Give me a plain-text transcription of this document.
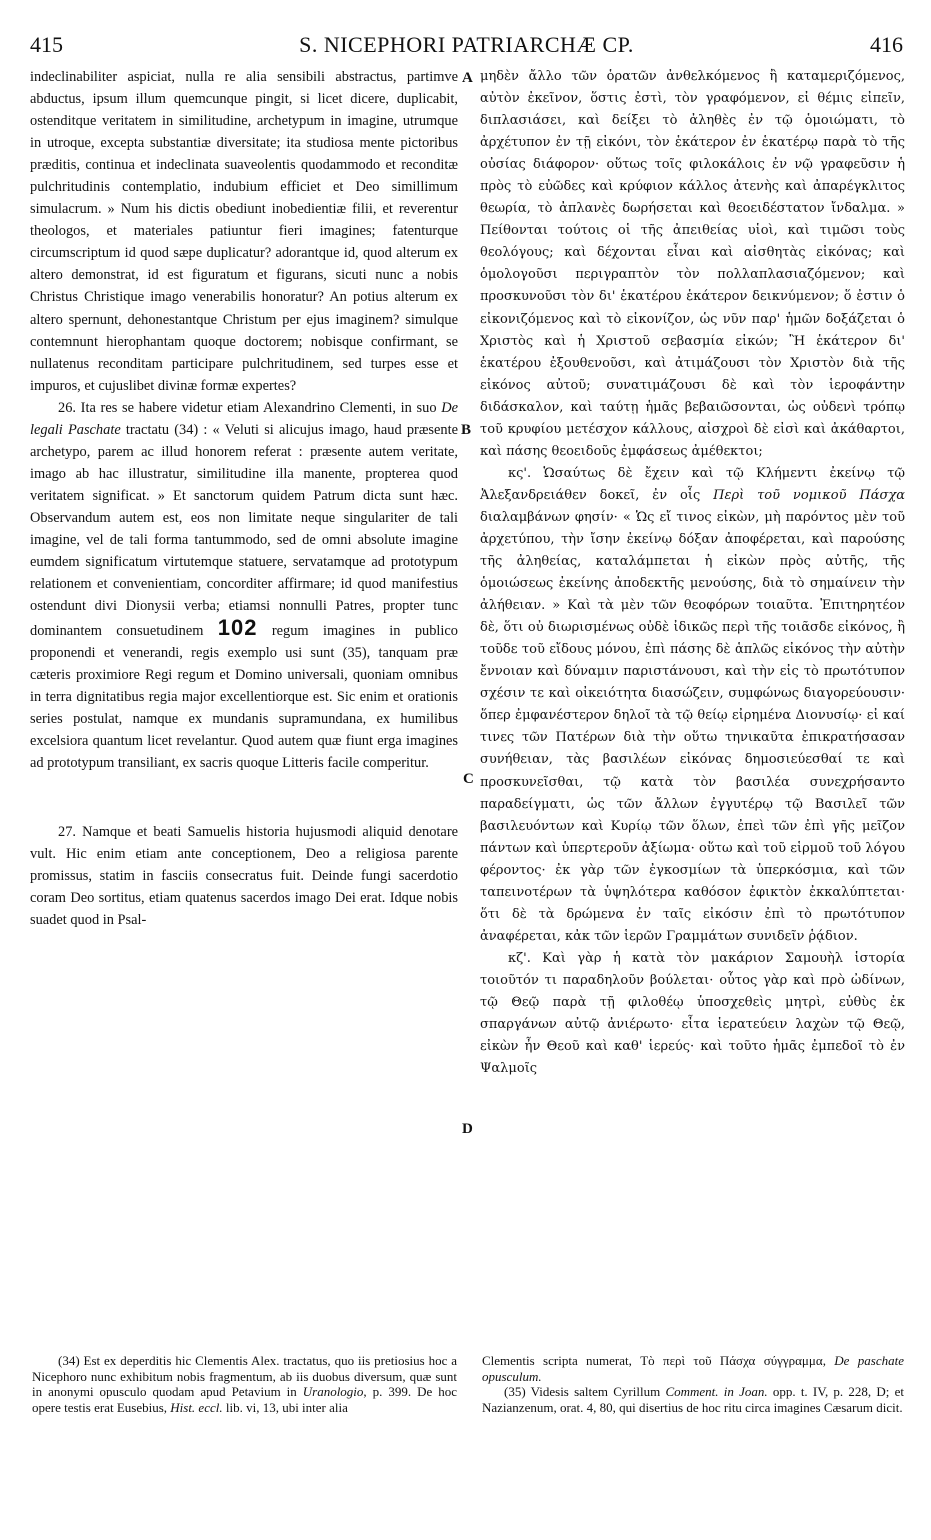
415	S. NICEPHORI PATRIARCHÆ CP.	416
A
B
C
D

indeclinabiliter aspiciat, nulla re alia sensibili abstractus, partimve abductus, ipsum illum quemcunque pingit, si licet dicere, duplicabit, ostenditque veritatem in similitudine, archetypum in imagine, utrumque in utroque, excepta substantiæ diversitate; ita studiosa mente pictoribus præditis, continua et indeclinata suaveolentis quodammodo et reconditæ pulchritudinis contemplatio, indubium efficiet et Deo simillimum simulacrum. » Num his dictis obediunt inobedientiæ filii, et reverentur theologos, et materiales patiuntur fieri imagines; fatenturque circumscriptum id quod sæpe duplicatur? adorantque id, quod alterum ex altero demonstrat, id est figuratum et figurans, sicuti nunc a nobis Christus Christique imago venerabilis honoratur? An potius alterum ex altero spernunt, dehonestantque Christum per ejus imaginem? simulque contemnunt hierophantam quoque doctorem; nobisque confirmant, se nullatenus reconditam participare pulchritudinem, sed turpes esse et impuros, et cujuslibet divinæ formæ expertes?

26. Ita res se habere videtur etiam Alexandrino Clementi, in suo De legali Paschate tractatu (34) : « Veluti si alicujus imago, haud præsente archetypo, parem ac illud honorem referat : præsente autem veritate, imago ab hac illustratur, similitudine illa manente, propterea quod veritatem significat. » Et sanctorum quidem Patrum dicta sunt hæc. Observandum autem est, eos non limitate neque singulariter de tali imagine, vel de tali forma tantummodo, sed de omni absolute imagine eumdem significatum virtutemque statuere, servatamque ad prototypum relationem et convenientiam, concorditer affirmare; id quod manifestius ostendunt divi Dionysii verba; etiamsi nonnulli Patres, propter tunc dominantem consuetudinem 102 regum imagines in publico proponendi et venerandi, regis exemplo usi sunt (35), tanquam præ cæteris proximiore Regi regum et Domino universali, quoniam omnibus in terra dignitatibus regia major excellentiorque est. Sic enim et orationis series postulat, namque ex mundanis supramundana, ex humilibus excelsiora quantum licet revelantur. Quod autem quæ fiunt erga imagines ad prototypum transiliant, ex sacris quoque Litteris facile comperitur.

27. Namque et beati Samuelis historia hujusmodi aliquid denotare vult. Hic enim etiam ante conceptionem, Deo a religiosa parente promissus, statim in fasciis consecratus fuit. Deinde fungi sacerdotio coram Deo sortitus, etiam quatenus sacerdos imago Dei erat. Idque nobis suadet quod in Psal-

μηδὲν ἄλλο τῶν ὁρατῶν ἀνθελκόμενος ἢ καταμεριζόμενος, αὐτὸν ἐκεῖνον, ὅστις ἐστὶ, τὸν γραφόμενον, εἰ θέμις εἰπεῖν, διπλασιάσει, καὶ δείξει τὸ ἀληθὲς ἐν τῷ ὁμοιώματι, τὸ ἀρχέτυπον ἐν τῇ εἰκόνι, τὸν ἑκάτερον ἐν ἑκατέρῳ παρὰ τὸ τῆς οὐσίας διάφορον· οὕτως τοῖς φιλοκάλοις ἐν νῷ γραφεῦσιν ἡ πρὸς τὸ εὐῶδες καὶ κρύφιον κάλλος ἀτενὴς καὶ ἀπαρέγκλιτος θεωρία, τὸ ἀπλανὲς δωρήσεται καὶ θεοειδέστατον ἴνδαλμα. » Πείθονται τούτοις οἱ τῆς ἀπειθείας υἱοὶ, καὶ τιμῶσι τοὺς θεολόγους; καὶ δέχονται εἶναι καὶ αἰσθητὰς εἰκόνας; καὶ ὁμολογοῦσι περιγραπτὸν τὸν πολλαπλασιαζόμενον; καὶ προσκυνοῦσι τὸν δι' ἑκατέρου ἑκάτερον δεικνύμενον; ὅ ἐστιν ὁ εἰκονιζόμενος καὶ τὸ εἰκονίζον, ὡς νῦν παρ' ἡμῶν δοξάζεται ὁ Χριστὸς καὶ ἡ Χριστοῦ σεβασμία εἰκών; Ἢ ἑκάτερον δι' ἑκατέρου ἐξουθενοῦσι, καὶ ἀτιμάζουσι τὸν Χριστὸν διὰ τῆς εἰκόνος αὐτοῦ; συνατιμάζουσι δὲ καὶ τὸν ἱεροφάντην διδάσκαλον, καὶ ταύτῃ ἡμᾶς βεβαιῶσονται, ὡς οὐδενὶ τρόπῳ τοῦ κρυφίου μετέσχον κάλλους, αἰσχροὶ δὲ εἰσὶ καὶ ἀκάθαρτοι, καὶ πάσης θεοειδοῦς ἐμφάσεως ἀμέθεκτοι;

κς'. Ὡσαύτως δὲ ἔχειν καὶ τῷ Κλήμεντι ἐκείνῳ τῷ Ἀλεξανδρειάθεν δοκεῖ, ἐν οἷς Περὶ τοῦ νομικοῦ Πάσχα διαλαμβάνων φησίν· « Ὡς εἴ τινος εἰκὼν, μὴ παρόντος μὲν τοῦ ἀρχετύπου, τὴν ἴσην ἐκείνῳ δόξαν ἀποφέρεται, καὶ παρούσης τῆς ἀληθείας, καταλάμπεται ἡ εἰκὼν πρὸς αὐτῆς, τῆς ὁμοιώσεως ἐκείνης ἀποδεκτῆς μενούσης, διὰ τὸ σημαίνειν τὴν ἀλήθειαν. » Καὶ τὰ μὲν τῶν θεοφόρων τοιαῦτα. Ἐπιτηρητέον δὲ, ὅτι οὐ διωρισμένως οὐδὲ ἰδικῶς περὶ τῆς τοιᾶσδε εἰκόνος, ἢ τοῦδε τοῦ εἴδους μόνου, ἐπὶ πάσης δὲ ἁπλῶς εἰκόνος τὴν αὐτὴν ἔννοιαν καὶ δύναμιν παριστάνουσι, καὶ τὴν εἰς τὸ πρωτότυπον σχέσιν τε καὶ οἰκειότητα διασώζειν, συμφώνως διαγορεύουσιν· ὅπερ ἐμφανέστερον δηλοῖ τὰ τῷ θείῳ εἰρημένα Διονυσίῳ· εἰ καί τινες τῶν Πατέρων διὰ τὴν οὕτω τηνικαῦτα ἐπικρατήσασαν συνήθειαν, τὰς βασιλέων εἰκόνας δημοσιεύεσθαί τε καὶ προσκυνεῖσθαι, τῷ κατὰ τὸν βασιλέα συνεχρήσαντο παραδείγματι, ὡς τῶν ἄλλων ἐγγυτέρῳ τῷ Βασιλεῖ τῶν βασιλευόντων καὶ Κυρίῳ τῶν ὅλων, ἐπεὶ τῶν ἐπὶ γῆς μεῖζον πάντων καὶ ὑπερτεροῦν ἀξίωμα· οὕτω καὶ τοῦ εἱρμοῦ τοῦ λόγου φέροντος· ἐκ γὰρ τῶν ἐγκοσμίων τὰ ὑπερκόσμια, καὶ τῶν ταπεινοτέρων τὰ ὑψηλότερα καθόσον ἐφικτὸν ἐκκαλύπτεται· ὅτι δὲ τὰ δρώμενα ἐν ταῖς εἰκόσιν ἐπὶ τὸ πρωτότυπον ἀναφέρεται, κἀκ τῶν ἱερῶν Γραμμάτων συνιδεῖν ῥᾴδιον.

κζ'. Καὶ γὰρ ἡ κατὰ τὸν μακάριον Σαμουὴλ ἱστορία τοιοῦτόν τι παραδηλοῦν βούλεται· οὗτος γὰρ καὶ πρὸ ὠδίνων, τῷ Θεῷ παρὰ τῇ φιλοθέῳ ὑποσχεθεὶς μητρὶ, εὐθὺς ἐκ σπαργάνων αὐτῷ ἀνιέρωτο· εἶτα ἱερατεύειν λαχὼν τῷ Θεῷ, εἰκὼν ἦν Θεοῦ καὶ καθ' ἱερεύς· καὶ τοῦτο ἡμᾶς ἐμπεδοῖ τὸ ἐν Ψαλμοῖς

(34) Est ex deperditis hic Clementis Alex. tractatus, quo iis pretiosius hoc a Nicephoro nunc exhibitum nobis fragmentum, ab iis duobus diversum, quæ sunt in anonymi opusculo quodam apud Petavium in Uranologio, p. 399. De hoc opere testis erat Eusebius, Hist. eccl. lib. vi, 13, ubi inter alia
Clementis scripta numerat, Τὸ περὶ τοῦ Πάσχα σύγγραμμα, De paschate opusculum.
(35) Videsis saltem Cyrillum Comment. in Joan. opp. t. IV, p. 228, D; et Nazianzenum, orat. 4, 80, qui disertius de hoc ritu circa imagines Cæsarum dicit.
